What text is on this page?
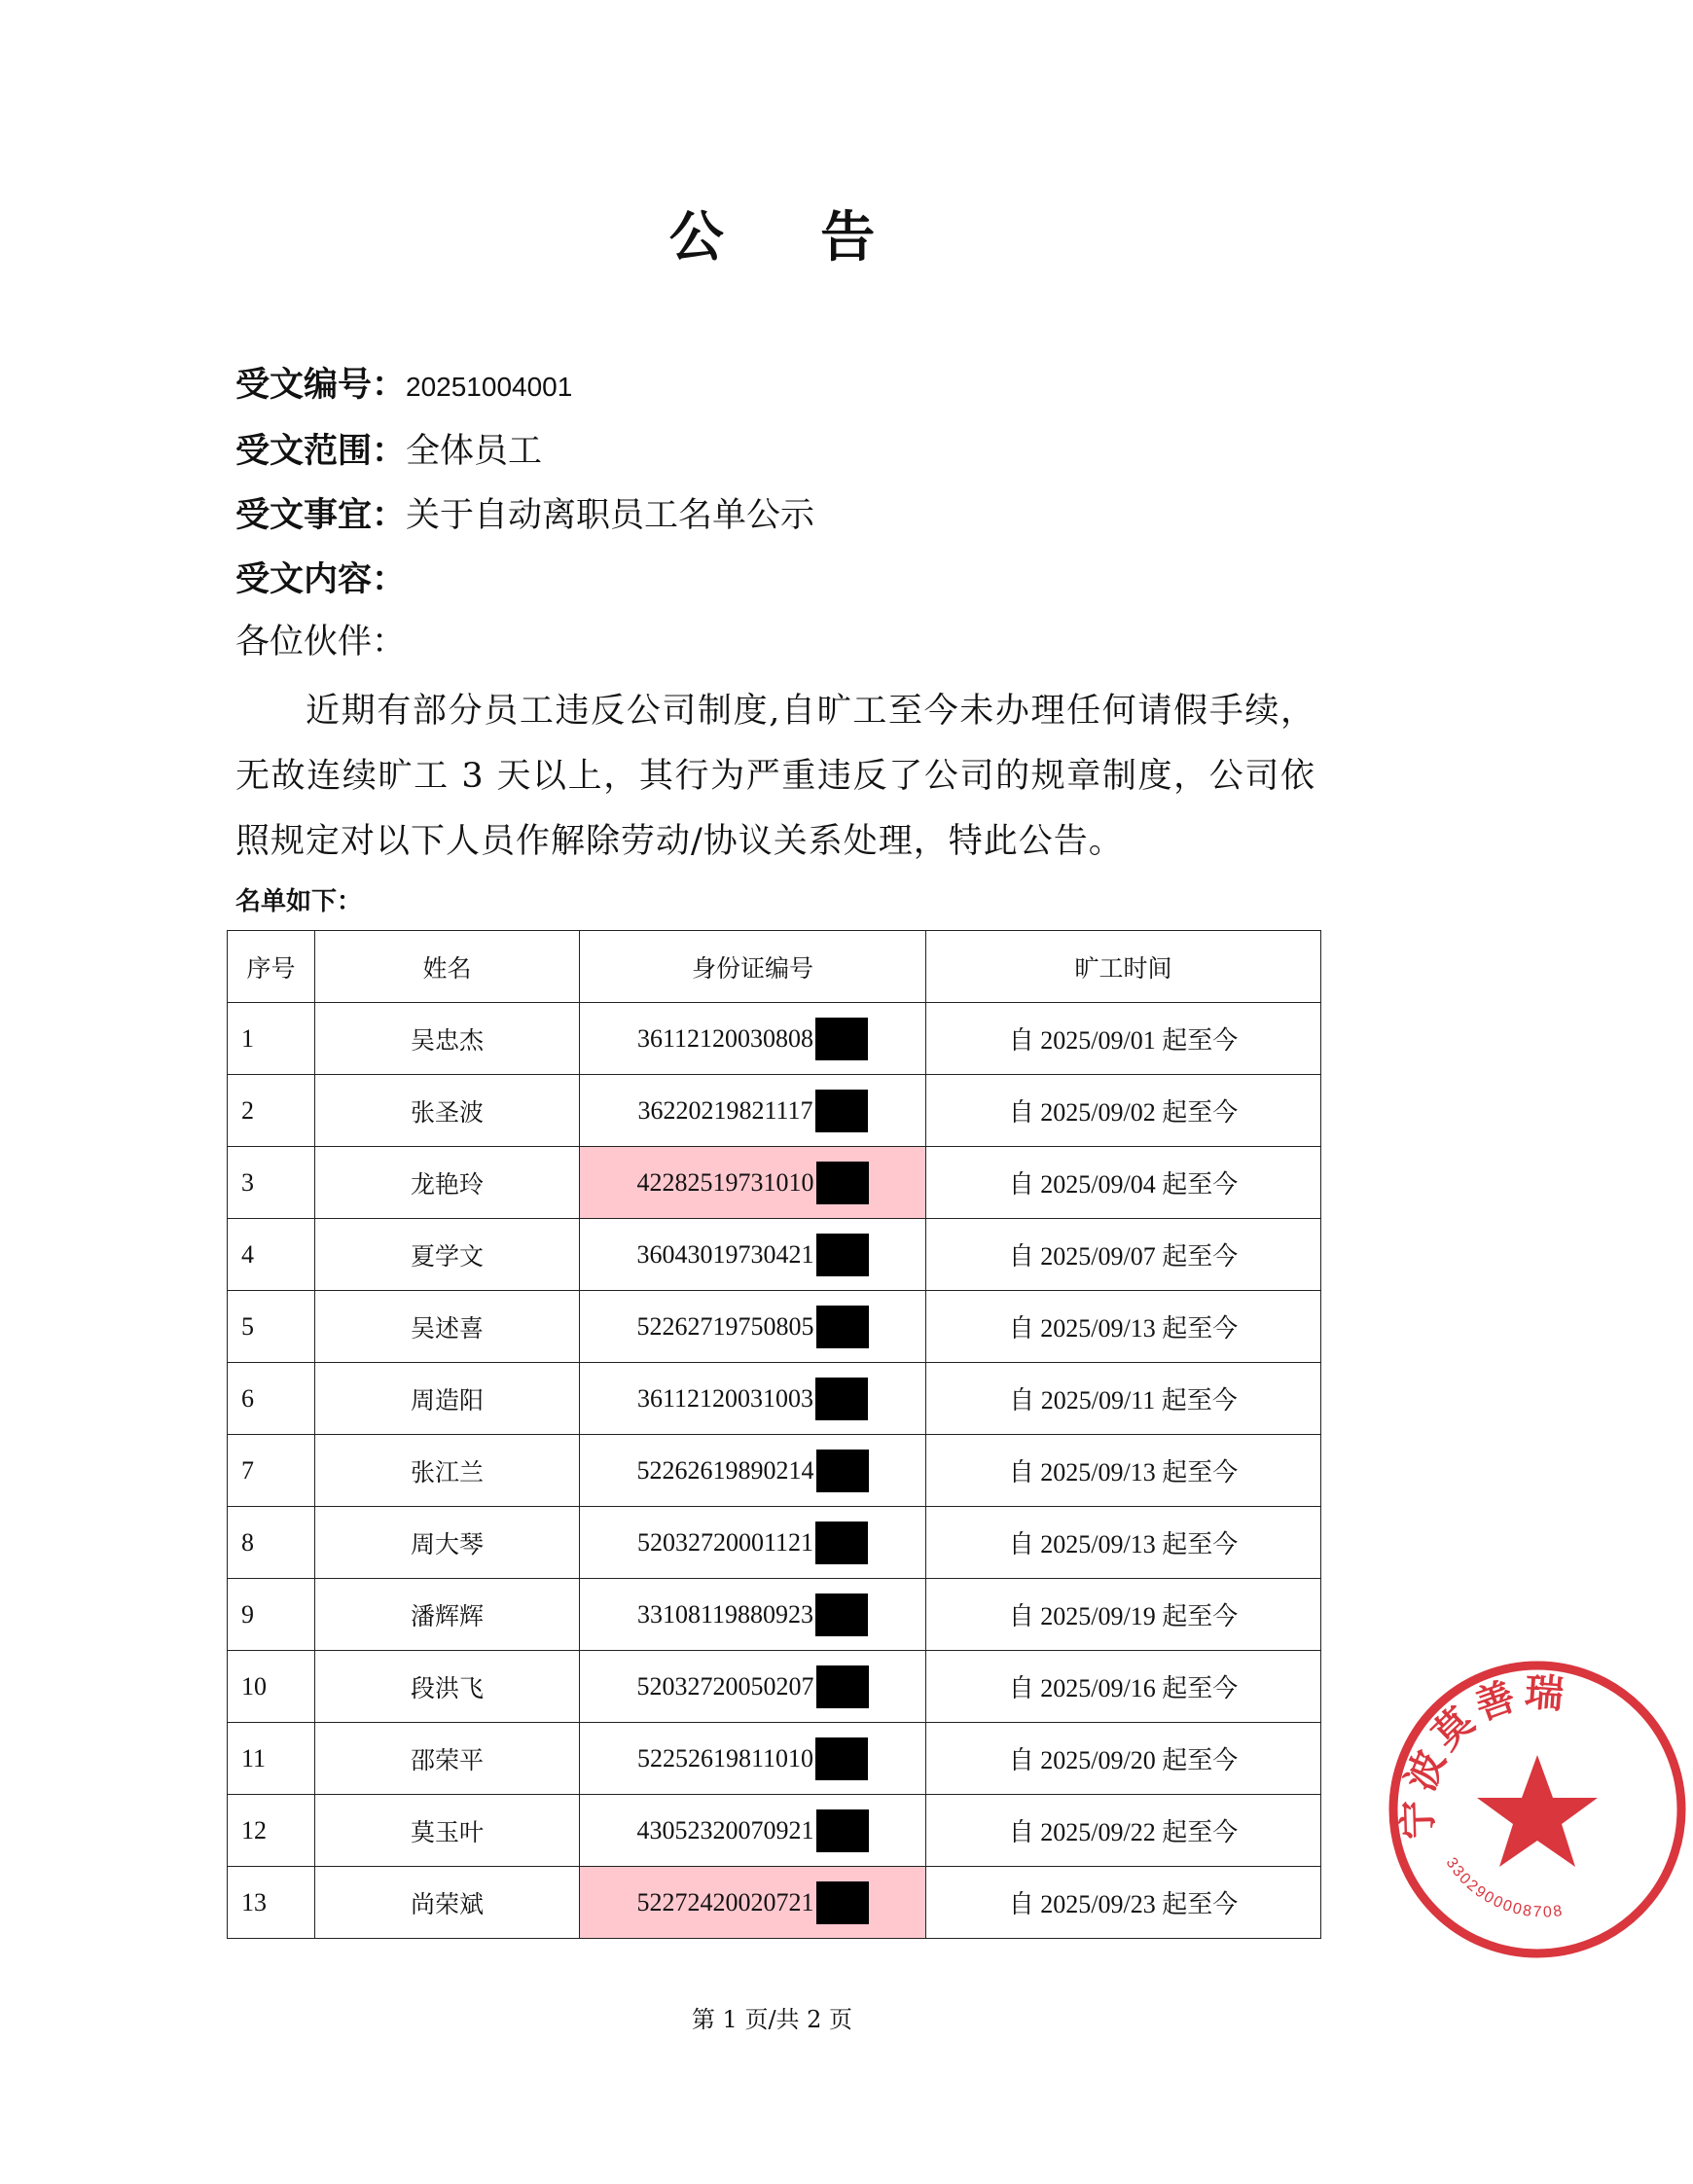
公 告
受文编号：20251004001
受文范围：全体员工
受文事宜：关于自动离职员工名单公示
受文内容：
各位伙伴：
近期有部分员工违反公司制度,自旷工至今未办理任何请假手续，无故连续旷工 3 天以上，其行为严重违反了公司的规章制度，公司依照规定对以下人员作解除劳动/协议关系处理，特此公告。
名单如下：
序号	姓名	身份证编号	旷工时间
1	吴忠杰	36112120030808	自 2025/09/01 起至今
2	张圣波	36220219821117	自 2025/09/02 起至今
3	龙艳玲	42282519731010	自 2025/09/04 起至今
4	夏学文	36043019730421	自 2025/09/07 起至今
5	吴述喜	52262719750805	自 2025/09/13 起至今
6	周造阳	36112120031003	自 2025/09/11 起至今
7	张江兰	52262619890214	自 2025/09/13 起至今
8	周大琴	52032720001121	自 2025/09/13 起至今
9	潘辉辉	33108119880923	自 2025/09/19 起至今
10	段洪飞	52032720050207	自 2025/09/16 起至今
11	邵荣平	52252619811010	自 2025/09/20 起至今
12	莫玉叶	43052320070921	自 2025/09/22 起至今
13	尚荣斌	52272420020721	自 2025/09/23 起至今
第 1 页/共 2 页
宁波莫善瑞
3302900008708
